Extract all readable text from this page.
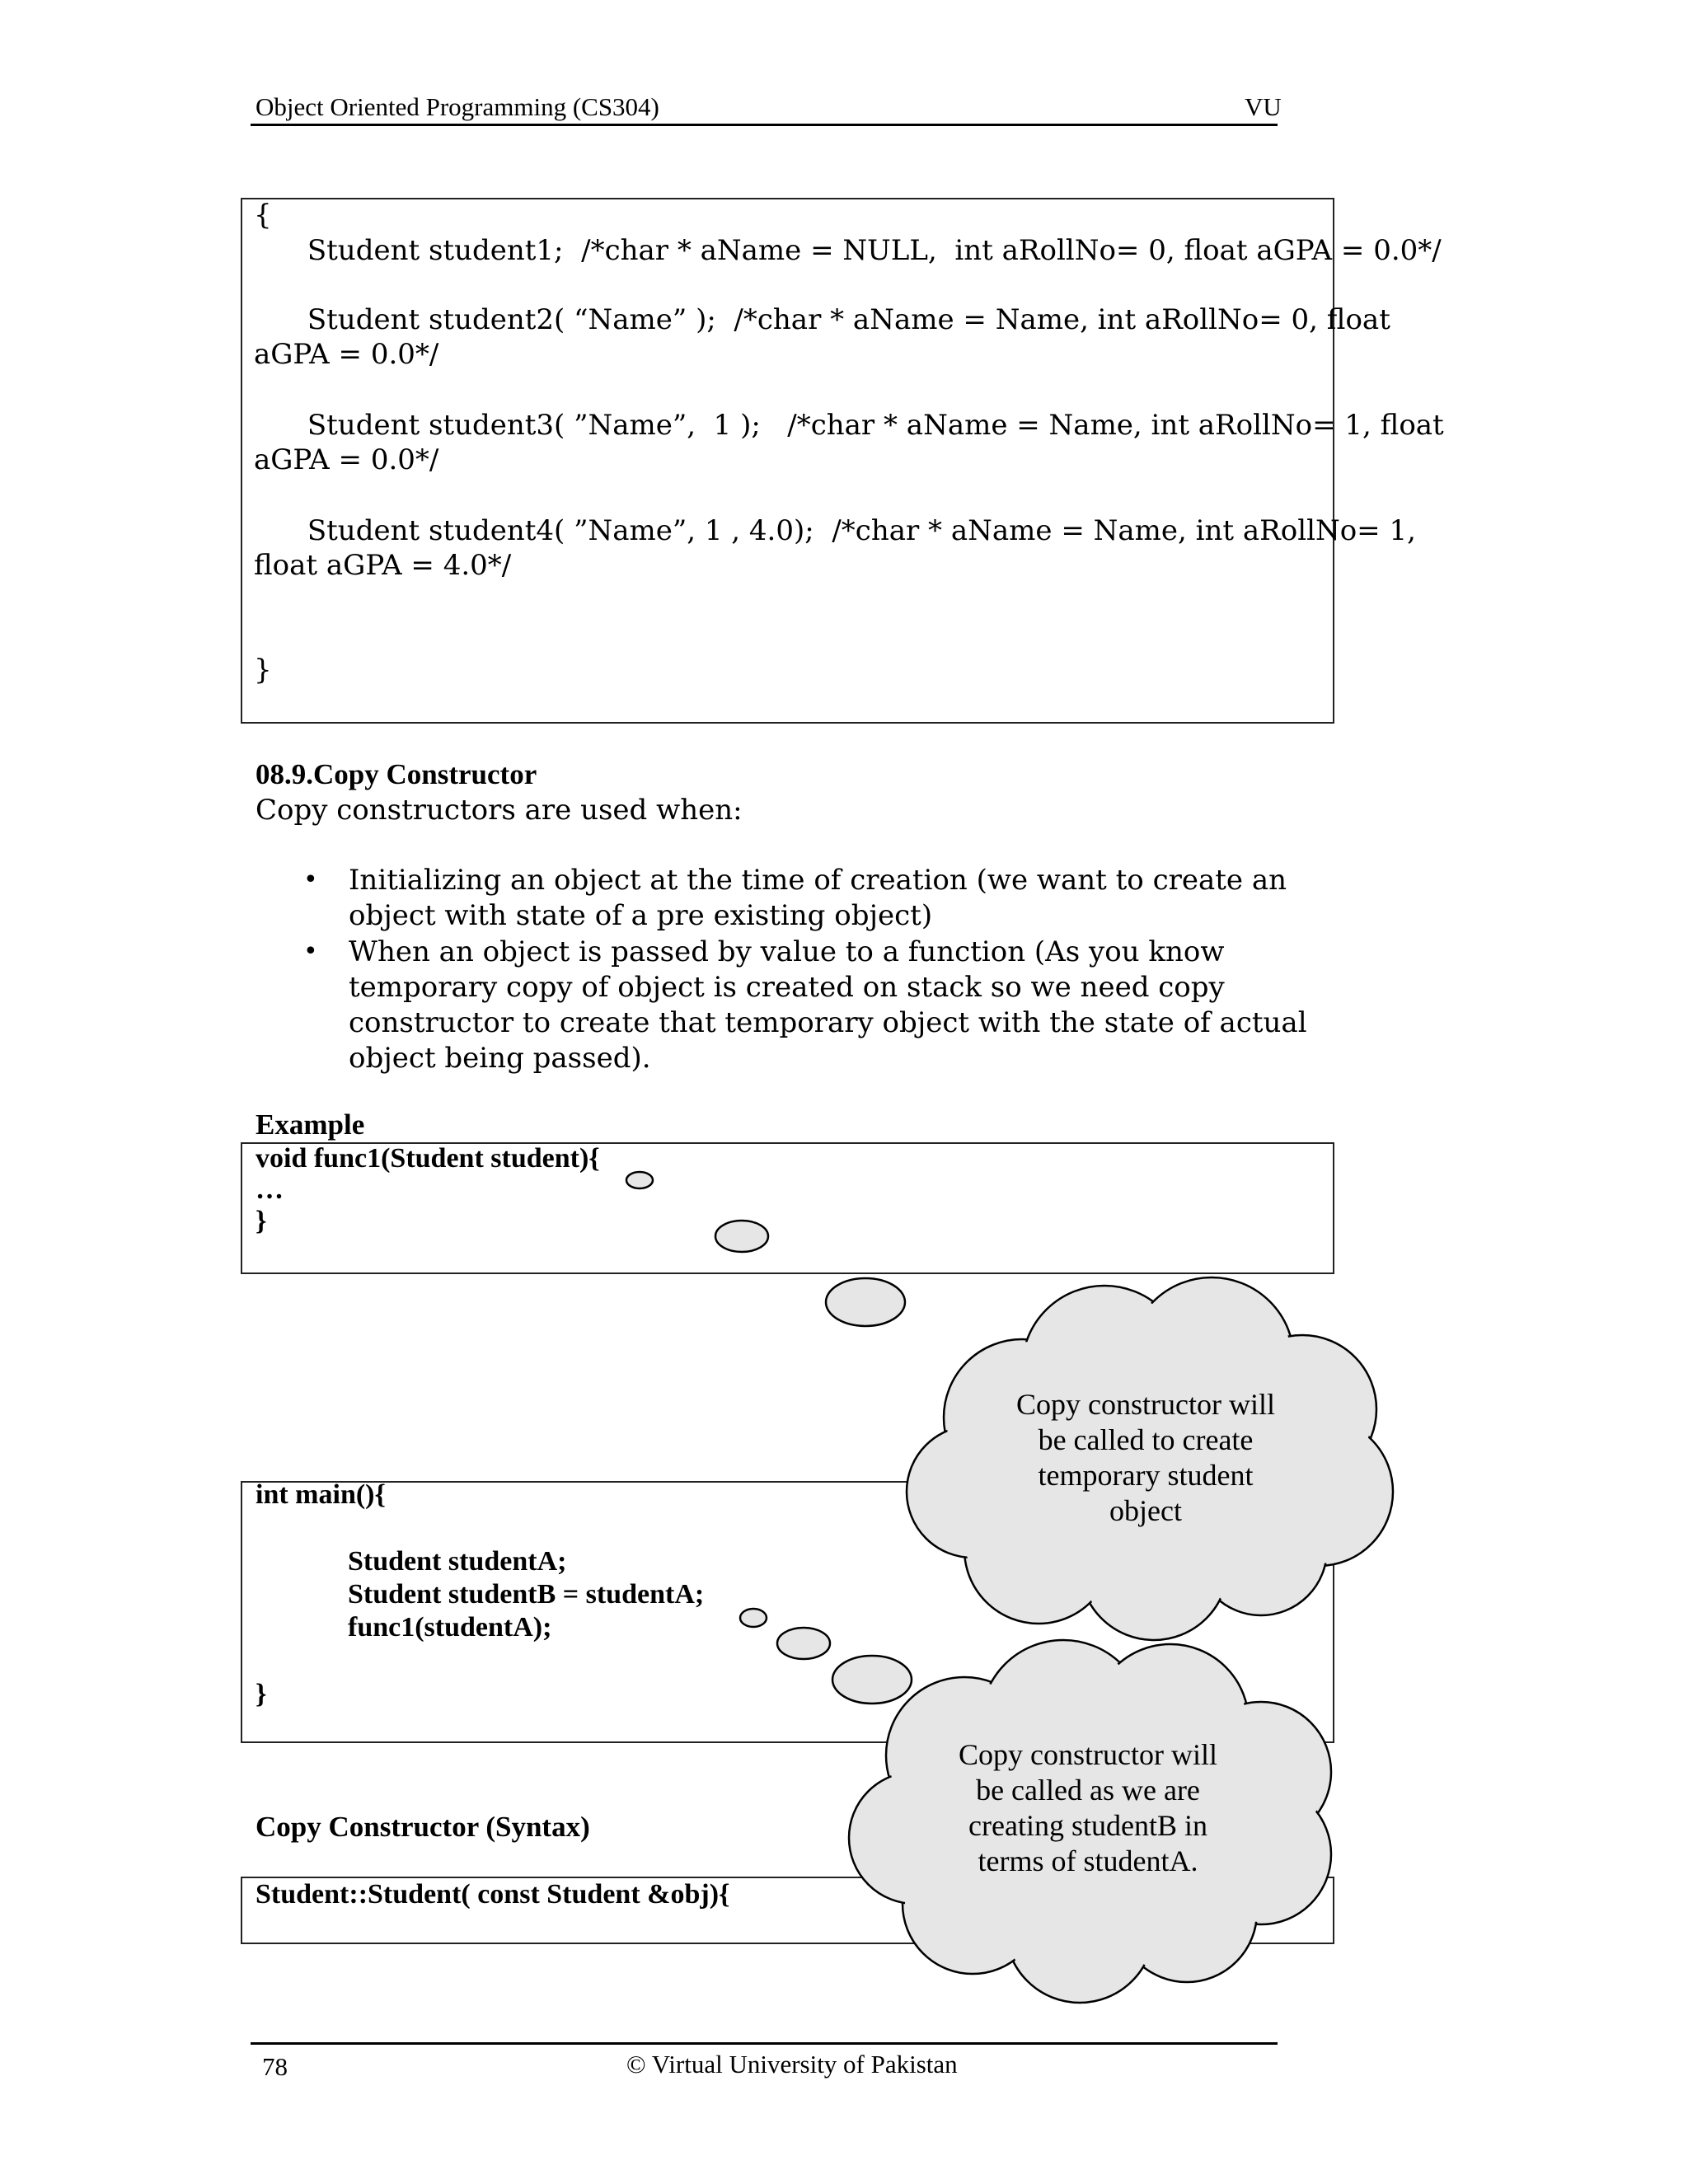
Object Oriented Programming (CS304)	VU
{
Student student1;  /*char * aName = NULL,  int aRollNo= 0, float aGPA = 0.0*/
Student student2( “Name” );  /*char * aName = Name, int aRollNo= 0, float
aGPA = 0.0*/
Student student3( ”Name”,  1 );   /*char * aName = Name, int aRollNo= 1, float
aGPA = 0.0*/
Student student4( ”Name”, 1 , 4.0);  /*char * aName = Name, int aRollNo= 1,
float aGPA = 4.0*/
}
08.9.Copy Constructor
Copy constructors are used when:
• Initializing an object at the time of creation (we want to create an object with state of a pre existing object)
• When an object is passed by value to a function (As you know temporary copy of object is created on stack so we need copy constructor to create that temporary object with the state of actual object being passed).
Example
void func1(Student student){
…
}
int main(){
Student studentA;
Student studentB = studentA;
func1(studentA);
}
Copy Constructor (Syntax)
Student::Student( const Student &obj){
Copy constructor will
be called to create
temporary student
object
Copy constructor will
be called as we are
creating studentB in
terms of studentA.
78	© Virtual University of Pakistan
